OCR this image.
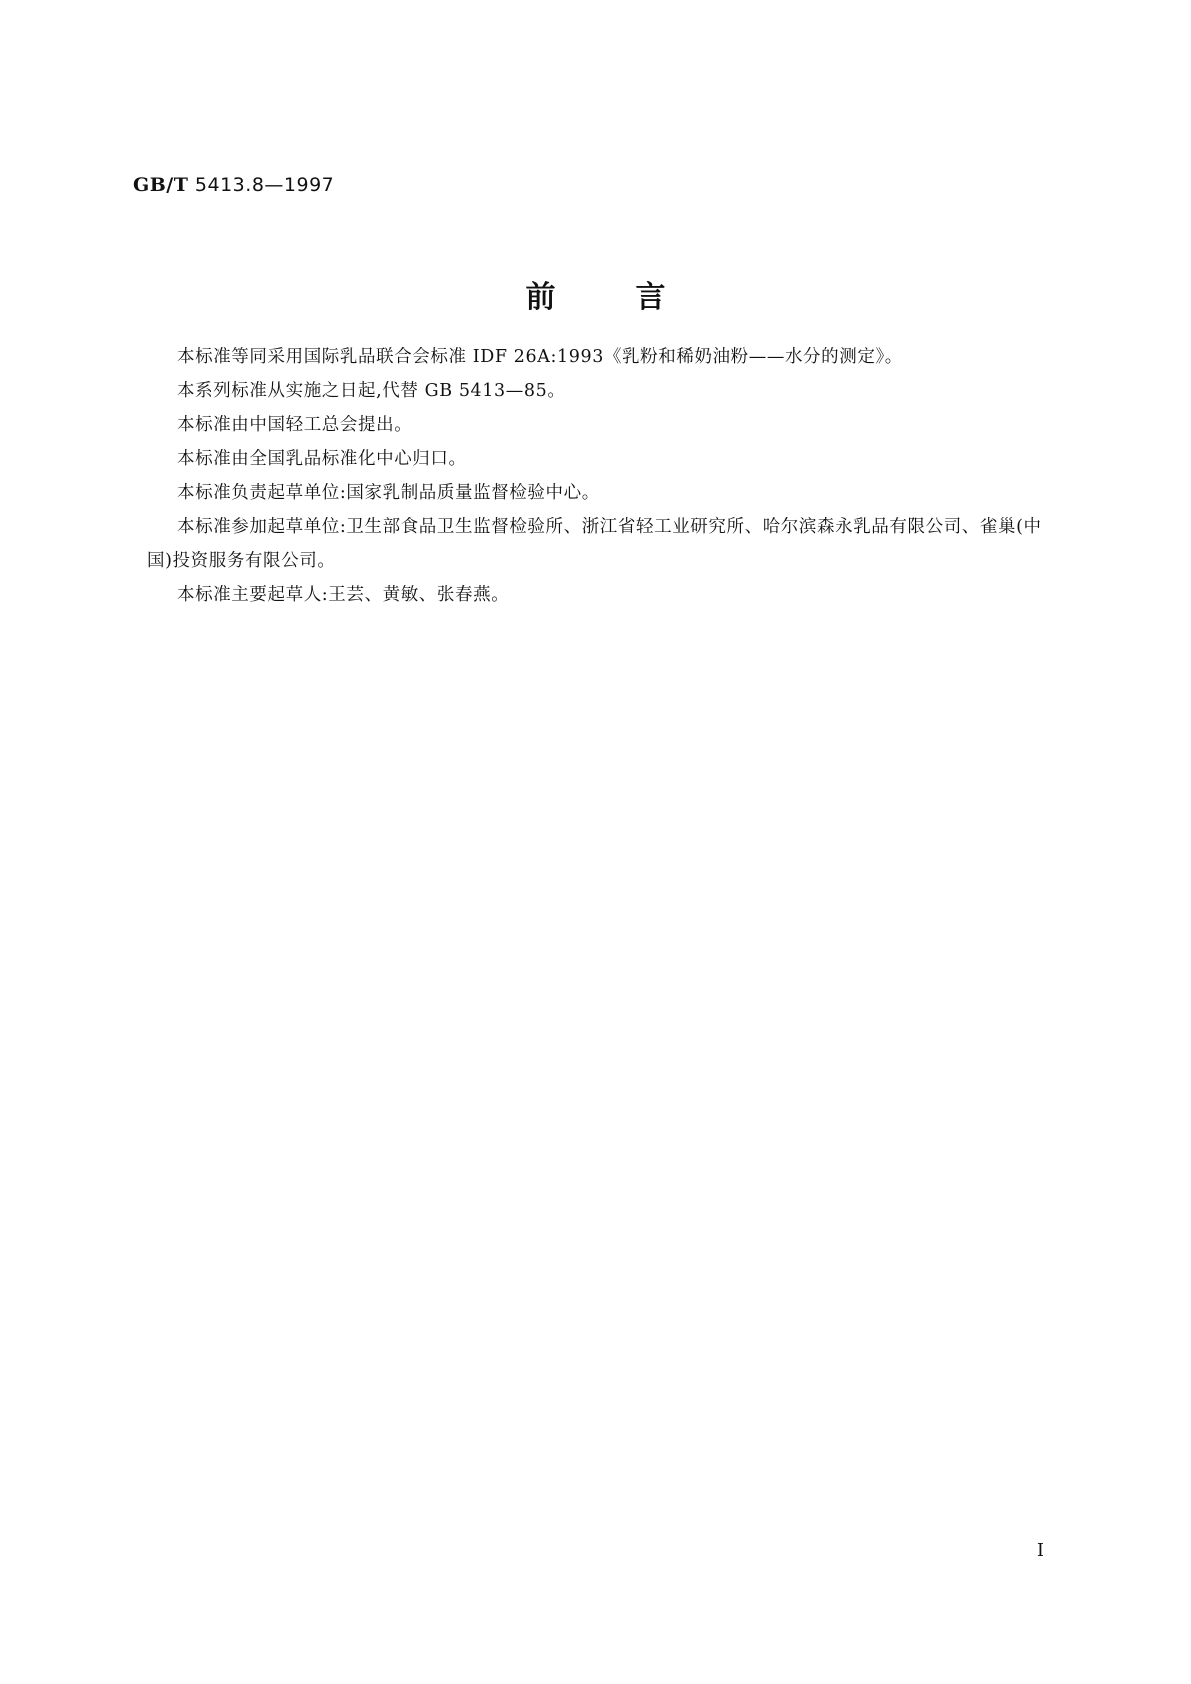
GB/T 5413.8—1997
前言

本标准等同采用国际乳品联合会标准 IDF 26A:1993《乳粉和稀奶油粉——水分的测定》。

本系列标准从实施之日起,代替 GB 5413—85。

本标准由中国轻工总会提出。

本标准由全国乳品标准化中心归口。

本标准负责起草单位:国家乳制品质量监督检验中心。

本标准参加起草单位:卫生部食品卫生监督检验所、浙江省轻工业研究所、哈尔滨森永乳品有限公司、雀巢(中国)投资服务有限公司。

本标准主要起草人:王芸、黄敏、张春燕。

I
